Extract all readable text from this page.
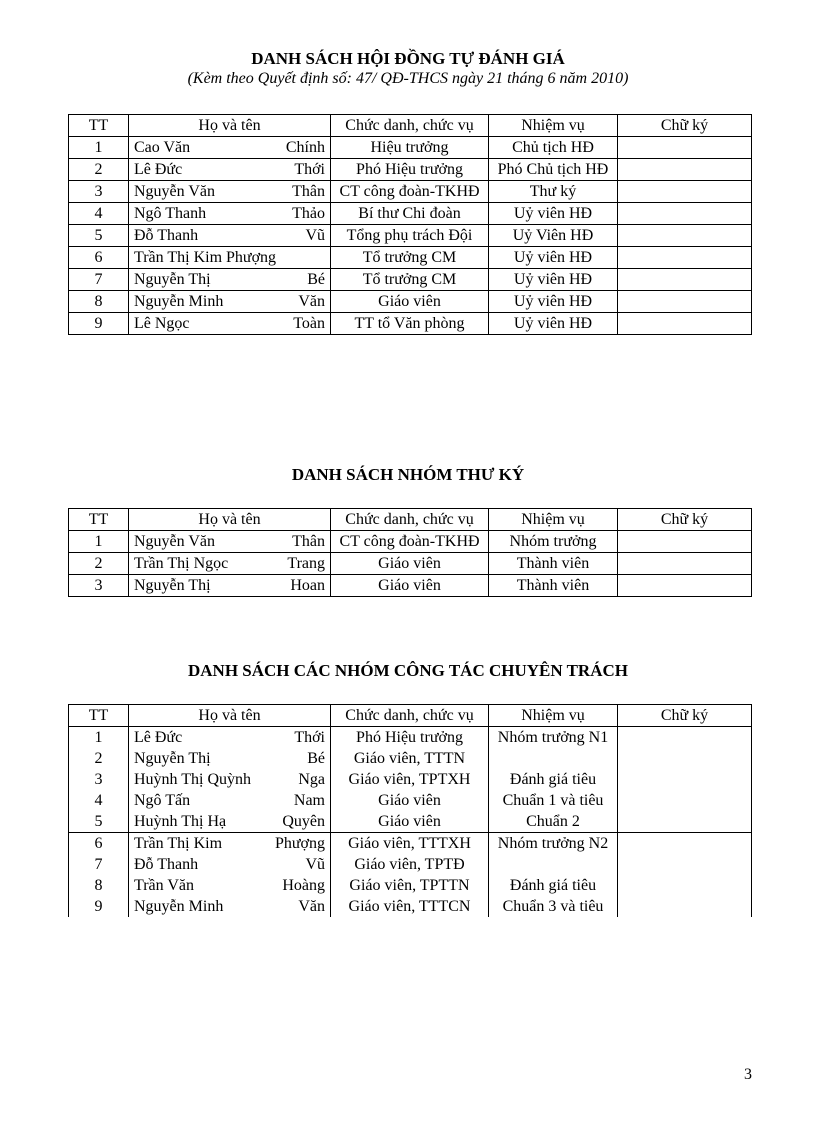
DANH SÁCH HỘI ĐỒNG TỰ ĐÁNH GIÁ
(Kèm theo Quyết định số: 47/ QĐ-THCS ngày 21 tháng 6 năm 2010)
TT	Họ và tên	Chức danh, chức vụ	Nhiệm vụ	Chữ ký
1	Cao Văn Chính	Hiệu trưởng	Chủ tịch HĐ	
2	Lê Đức Thới	Phó Hiệu trưởng	Phó Chủ tịch HĐ	
3	Nguyễn Văn Thân	CT công đoàn-TKHĐ	Thư ký	
4	Ngô Thanh Thảo	Bí thư Chi đoàn	Uỷ viên HĐ	
5	Đỗ Thanh Vũ	Tổng phụ trách Đội	Uỷ Viên HĐ	
6	Trần Thị Kim Phượng	Tổ trưởng CM	Uỷ viên HĐ	
7	Nguyễn Thị Bé	Tổ trưởng CM	Uỷ viên HĐ	
8	Nguyễn Minh Văn	Giáo viên	Uỷ viên HĐ	
9	Lê Ngọc Toàn	TT tổ Văn phòng	Uỷ viên HĐ	
DANH SÁCH NHÓM THƯ KÝ
TT	Họ và tên	Chức danh, chức vụ	Nhiệm vụ	Chữ ký
1	Nguyễn Văn Thân	CT công đoàn-TKHĐ	Nhóm trưởng	
2	Trần Thị Ngọc Trang	Giáo viên	Thành viên	
3	Nguyễn Thị Hoan	Giáo viên	Thành viên	
DANH SÁCH CÁC NHÓM CÔNG TÁC CHUYÊN TRÁCH
TT	Họ và tên	Chức danh, chức vụ	Nhiệm vụ	Chữ ký
1	Lê Đức Thới	Phó Hiệu trưởng	Nhóm trưởng N1	
2	Nguyễn Thị Bé	Giáo viên, TTTN		
3	Huỳnh Thị Quỳnh Nga	Giáo viên, TPTXH	Đánh giá tiêu	
4	Ngô Tấn Nam	Giáo viên	Chuẩn 1 và tiêu	
5	Huỳnh Thị Hạ Quyên	Giáo viên	Chuẩn 2	
6	Trần Thị Kim Phượng	Giáo viên, TTTXH	Nhóm trưởng N2	
7	Đỗ Thanh Vũ	Giáo viên, TPTĐ		
8	Trần Văn Hoàng	Giáo viên, TPTTN	Đánh giá tiêu	
9	Nguyễn Minh Văn	Giáo viên, TTTCN	Chuẩn 3 và tiêu	
3
